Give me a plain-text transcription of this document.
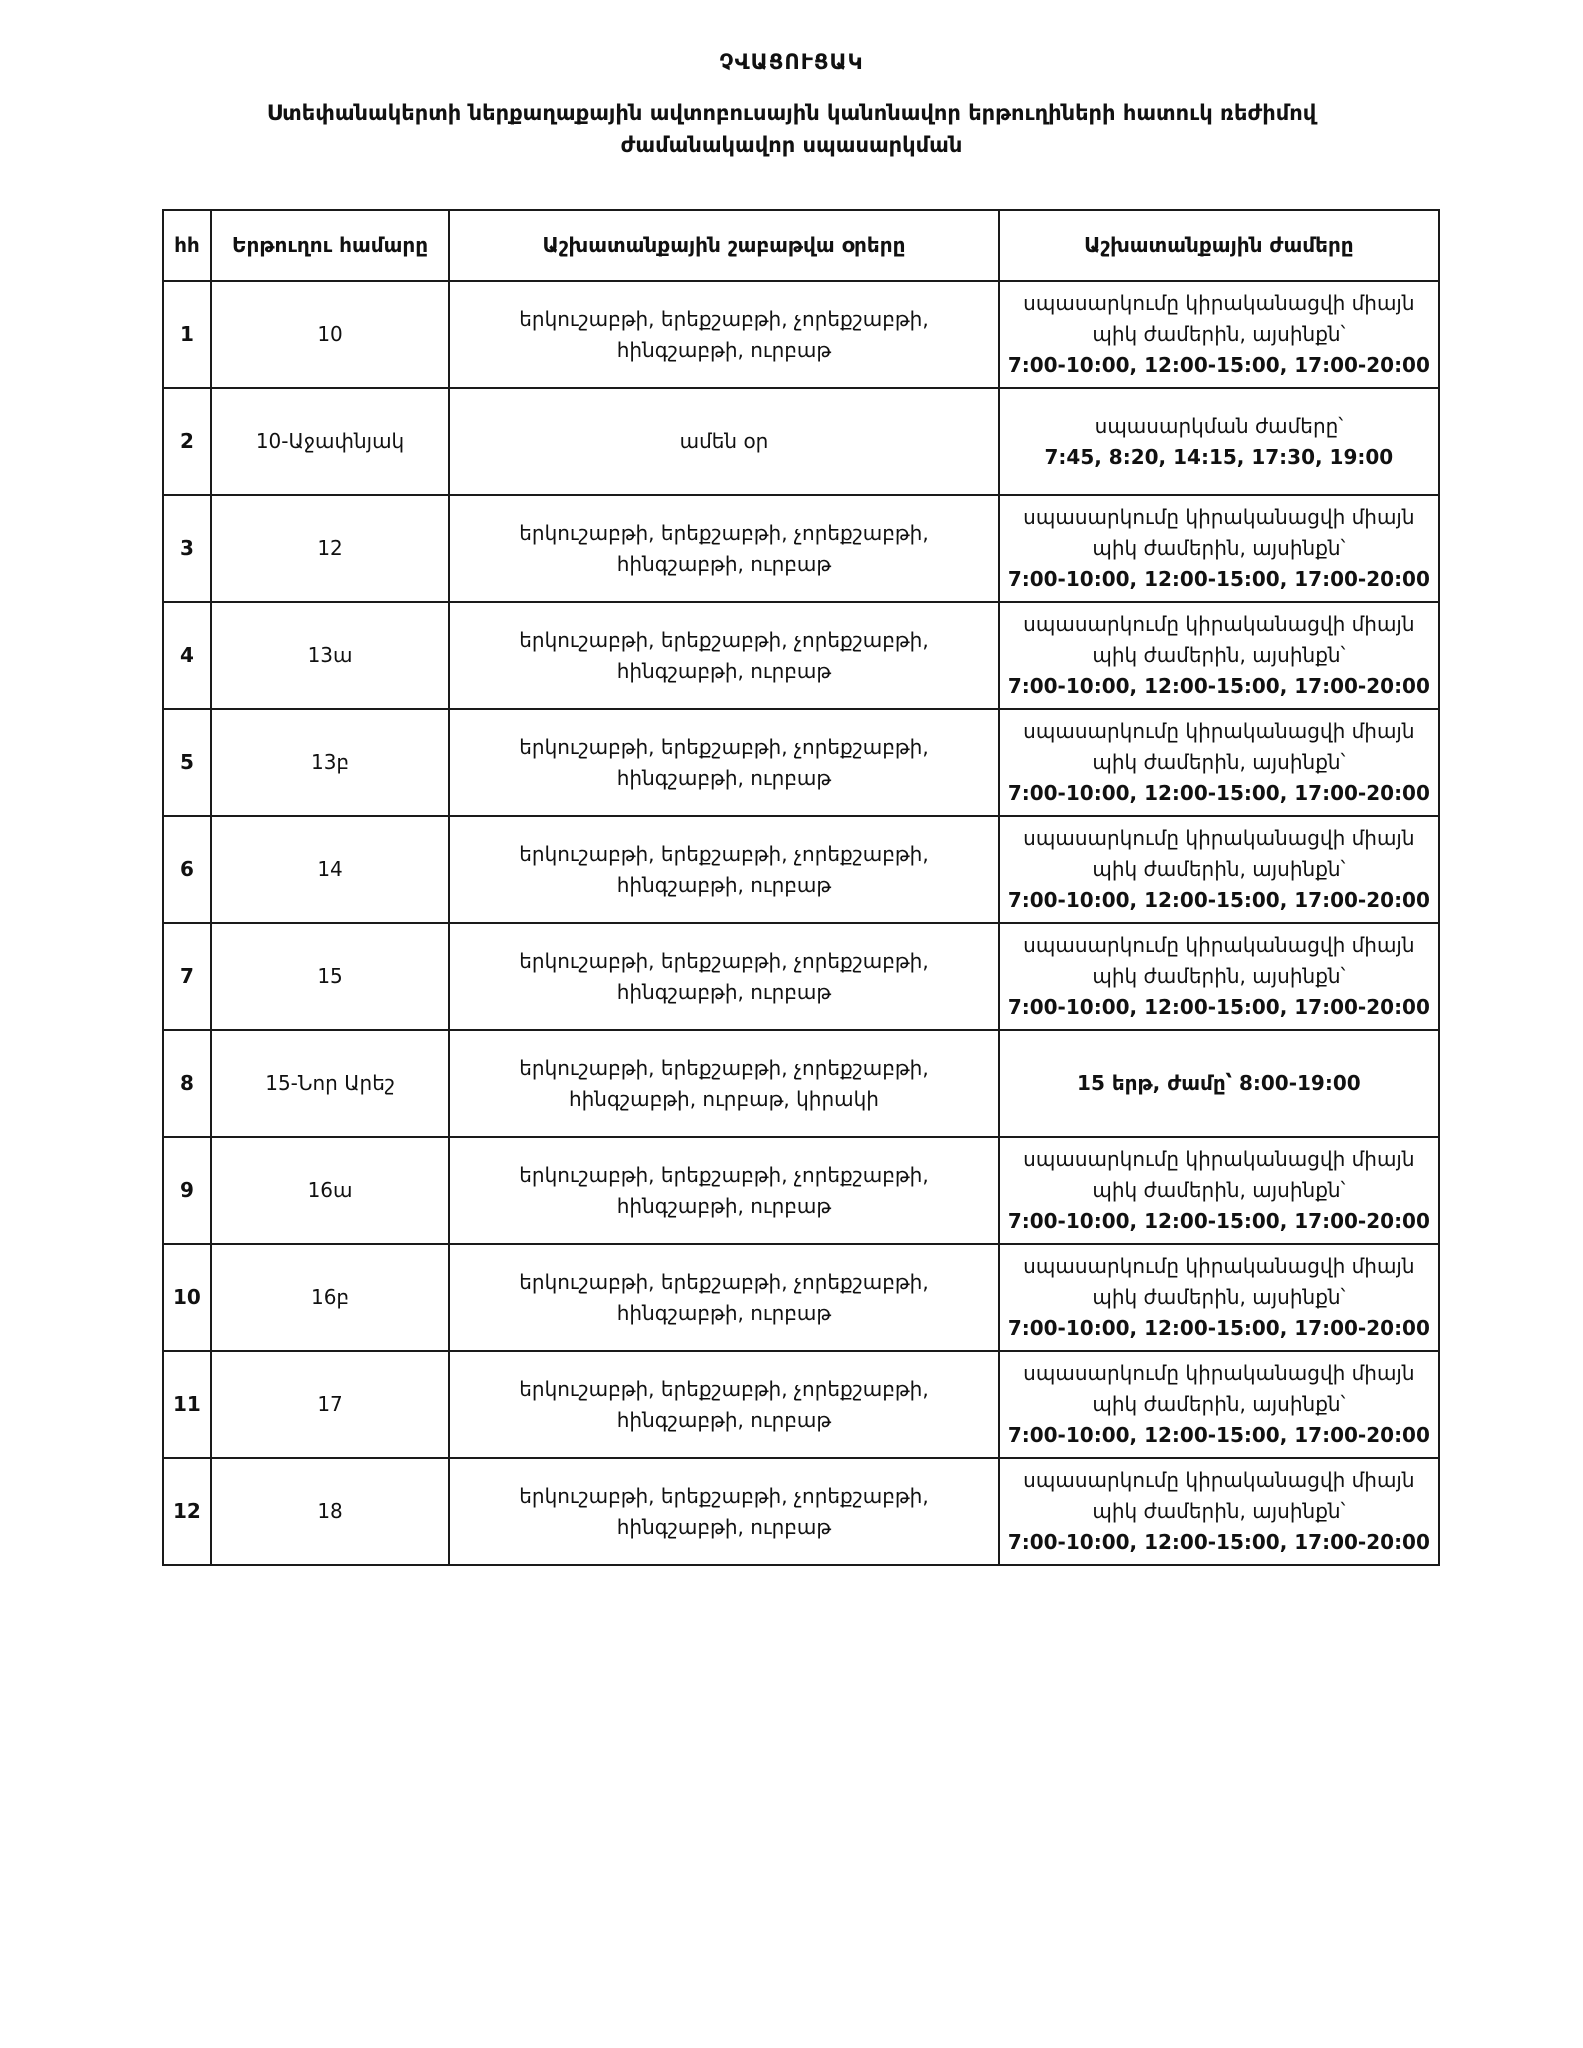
ՉՎԱՑՈՒՑԱԿ
Ստեփանակերտի ներքաղաքային ավտոբուսային կանոնավոր երթուղիների հատուկ ռեժիմով
ժամանակավոր սպասարկման
հհ	Երթուղու համարը	Աշխատանքային շաբաթվա օրերը	Աշխատանքային ժամերը
1	10	երկուշաբթի, երեքշաբթի, չորեքշաբթի,
հինգշաբթի, ուրբաթ	սպասարկումը կիրականացվի միայն
պիկ ժամերին, այսինքն՝
7:00-10:00, 12:00-15:00, 17:00-20:00

2	10-Աջափնյակ	ամեն օր	սպասարկման ժամերը՝
7:45, 8:20, 14:15, 17:30, 19:00

3	12	երկուշաբթի, երեքշաբթի, չորեքշաբթի,
հինգշաբթի, ուրբաթ	սպասարկումը կիրականացվի միայն
պիկ ժամերին, այսինքն՝
7:00-10:00, 12:00-15:00, 17:00-20:00

4	13ա	երկուշաբթի, երեքշաբթի, չորեքշաբթի,
հինգշաբթի, ուրբաթ	սպասարկումը կիրականացվի միայն
պիկ ժամերին, այսինքն՝
7:00-10:00, 12:00-15:00, 17:00-20:00

5	13բ	երկուշաբթի, երեքշաբթի, չորեքշաբթի,
հինգշաբթի, ուրբաթ	սպասարկումը կիրականացվի միայն
պիկ ժամերին, այսինքն՝
7:00-10:00, 12:00-15:00, 17:00-20:00

6	14	երկուշաբթի, երեքշաբթի, չորեքշաբթի,
հինգշաբթի, ուրբաթ	սպասարկումը կիրականացվի միայն
պիկ ժամերին, այսինքն՝
7:00-10:00, 12:00-15:00, 17:00-20:00

7	15	երկուշաբթի, երեքշաբթի, չորեքշաբթի,
հինգշաբթի, ուրբաթ	սպասարկումը կիրականացվի միայն
պիկ ժամերին, այսինքն՝
7:00-10:00, 12:00-15:00, 17:00-20:00

8	15-Նոր Արեշ	երկուշաբթի, երեքշաբթի, չորեքշաբթի,
հինգշաբթի, ուրբաթ, կիրակի	15 երթ, ժամը՝ 8:00-19:00

9	16ա	երկուշաբթի, երեքշաբթի, չորեքշաբթի,
հինգշաբթի, ուրբաթ	սպասարկումը կիրականացվի միայն
պիկ ժամերին, այսինքն՝
7:00-10:00, 12:00-15:00, 17:00-20:00

10	16բ	երկուշաբթի, երեքշաբթի, չորեքշաբթի,
հինգշաբթի, ուրբաթ	սպասարկումը կիրականացվի միայն
պիկ ժամերին, այսինքն՝
7:00-10:00, 12:00-15:00, 17:00-20:00

11	17	երկուշաբթի, երեքշաբթի, չորեքշաբթի,
հինգշաբթի, ուրբաթ	սպասարկումը կիրականացվի միայն
պիկ ժամերին, այսինքն՝
7:00-10:00, 12:00-15:00, 17:00-20:00

12	18	երկուշաբթի, երեքշաբթի, չորեքշաբթի,
հինգշաբթի, ուրբաթ	սպասարկումը կիրականացվի միայն
պիկ ժամերին, այսինքն՝
7:00-10:00, 12:00-15:00, 17:00-20:00
